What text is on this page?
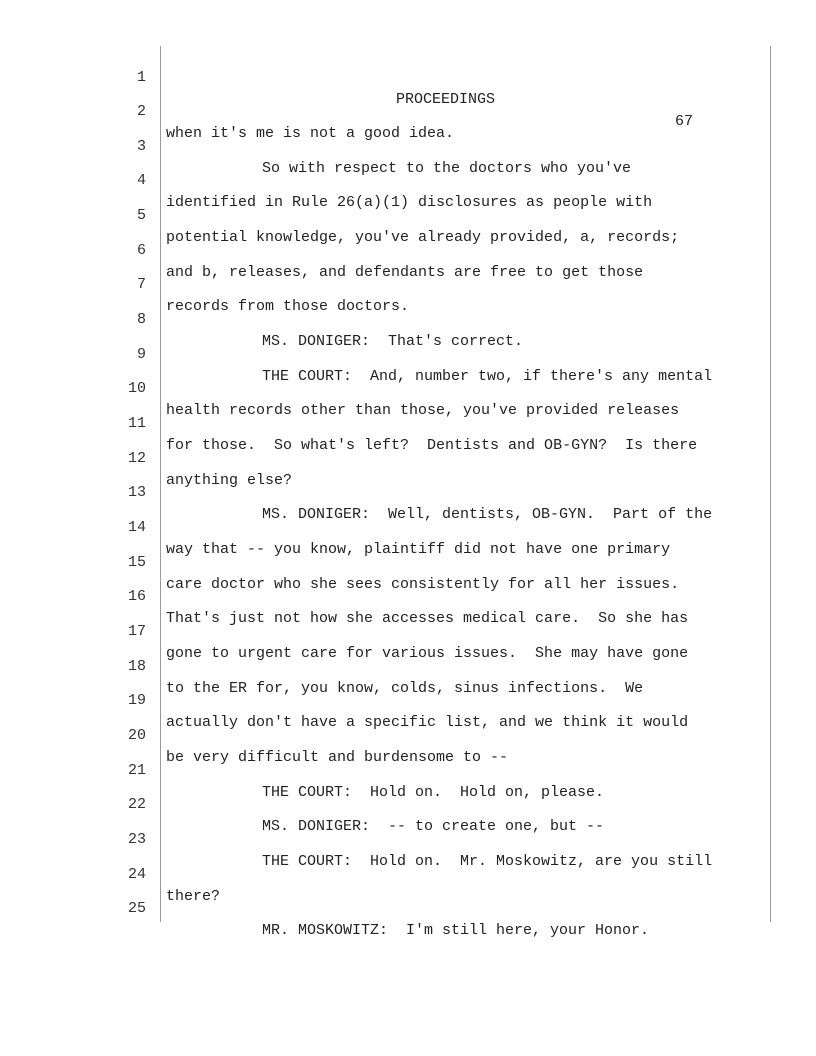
1

PROCEEDINGS

67

2

when it's me is not a good idea.

3

So with respect to the doctors who you've

4

identified in Rule 26(a)(1) disclosures as people with

5

potential knowledge, you've already provided, a, records;

6

and b, releases, and defendants are free to get those

7

records from those doctors.

8

MS. DONIGER:  That's correct.

9

THE COURT:  And, number two, if there's any mental

10

health records other than those, you've provided releases

11

for those.  So what's left?  Dentists and OB-GYN?  Is there

12

anything else?

13

MS. DONIGER:  Well, dentists, OB-GYN.  Part of the

14

way that -- you know, plaintiff did not have one primary

15

care doctor who she sees consistently for all her issues.

16

That's just not how she accesses medical care.  So she has

17

gone to urgent care for various issues.  She may have gone

18

to the ER for, you know, colds, sinus infections.  We

19

actually don't have a specific list, and we think it would

20

be very difficult and burdensome to --

21

THE COURT:  Hold on.  Hold on, please.

22

MS. DONIGER:  -- to create one, but --

23

THE COURT:  Hold on.  Mr. Moskowitz, are you still

24

there?

25

MR. MOSKOWITZ:  I'm still here, your Honor.
